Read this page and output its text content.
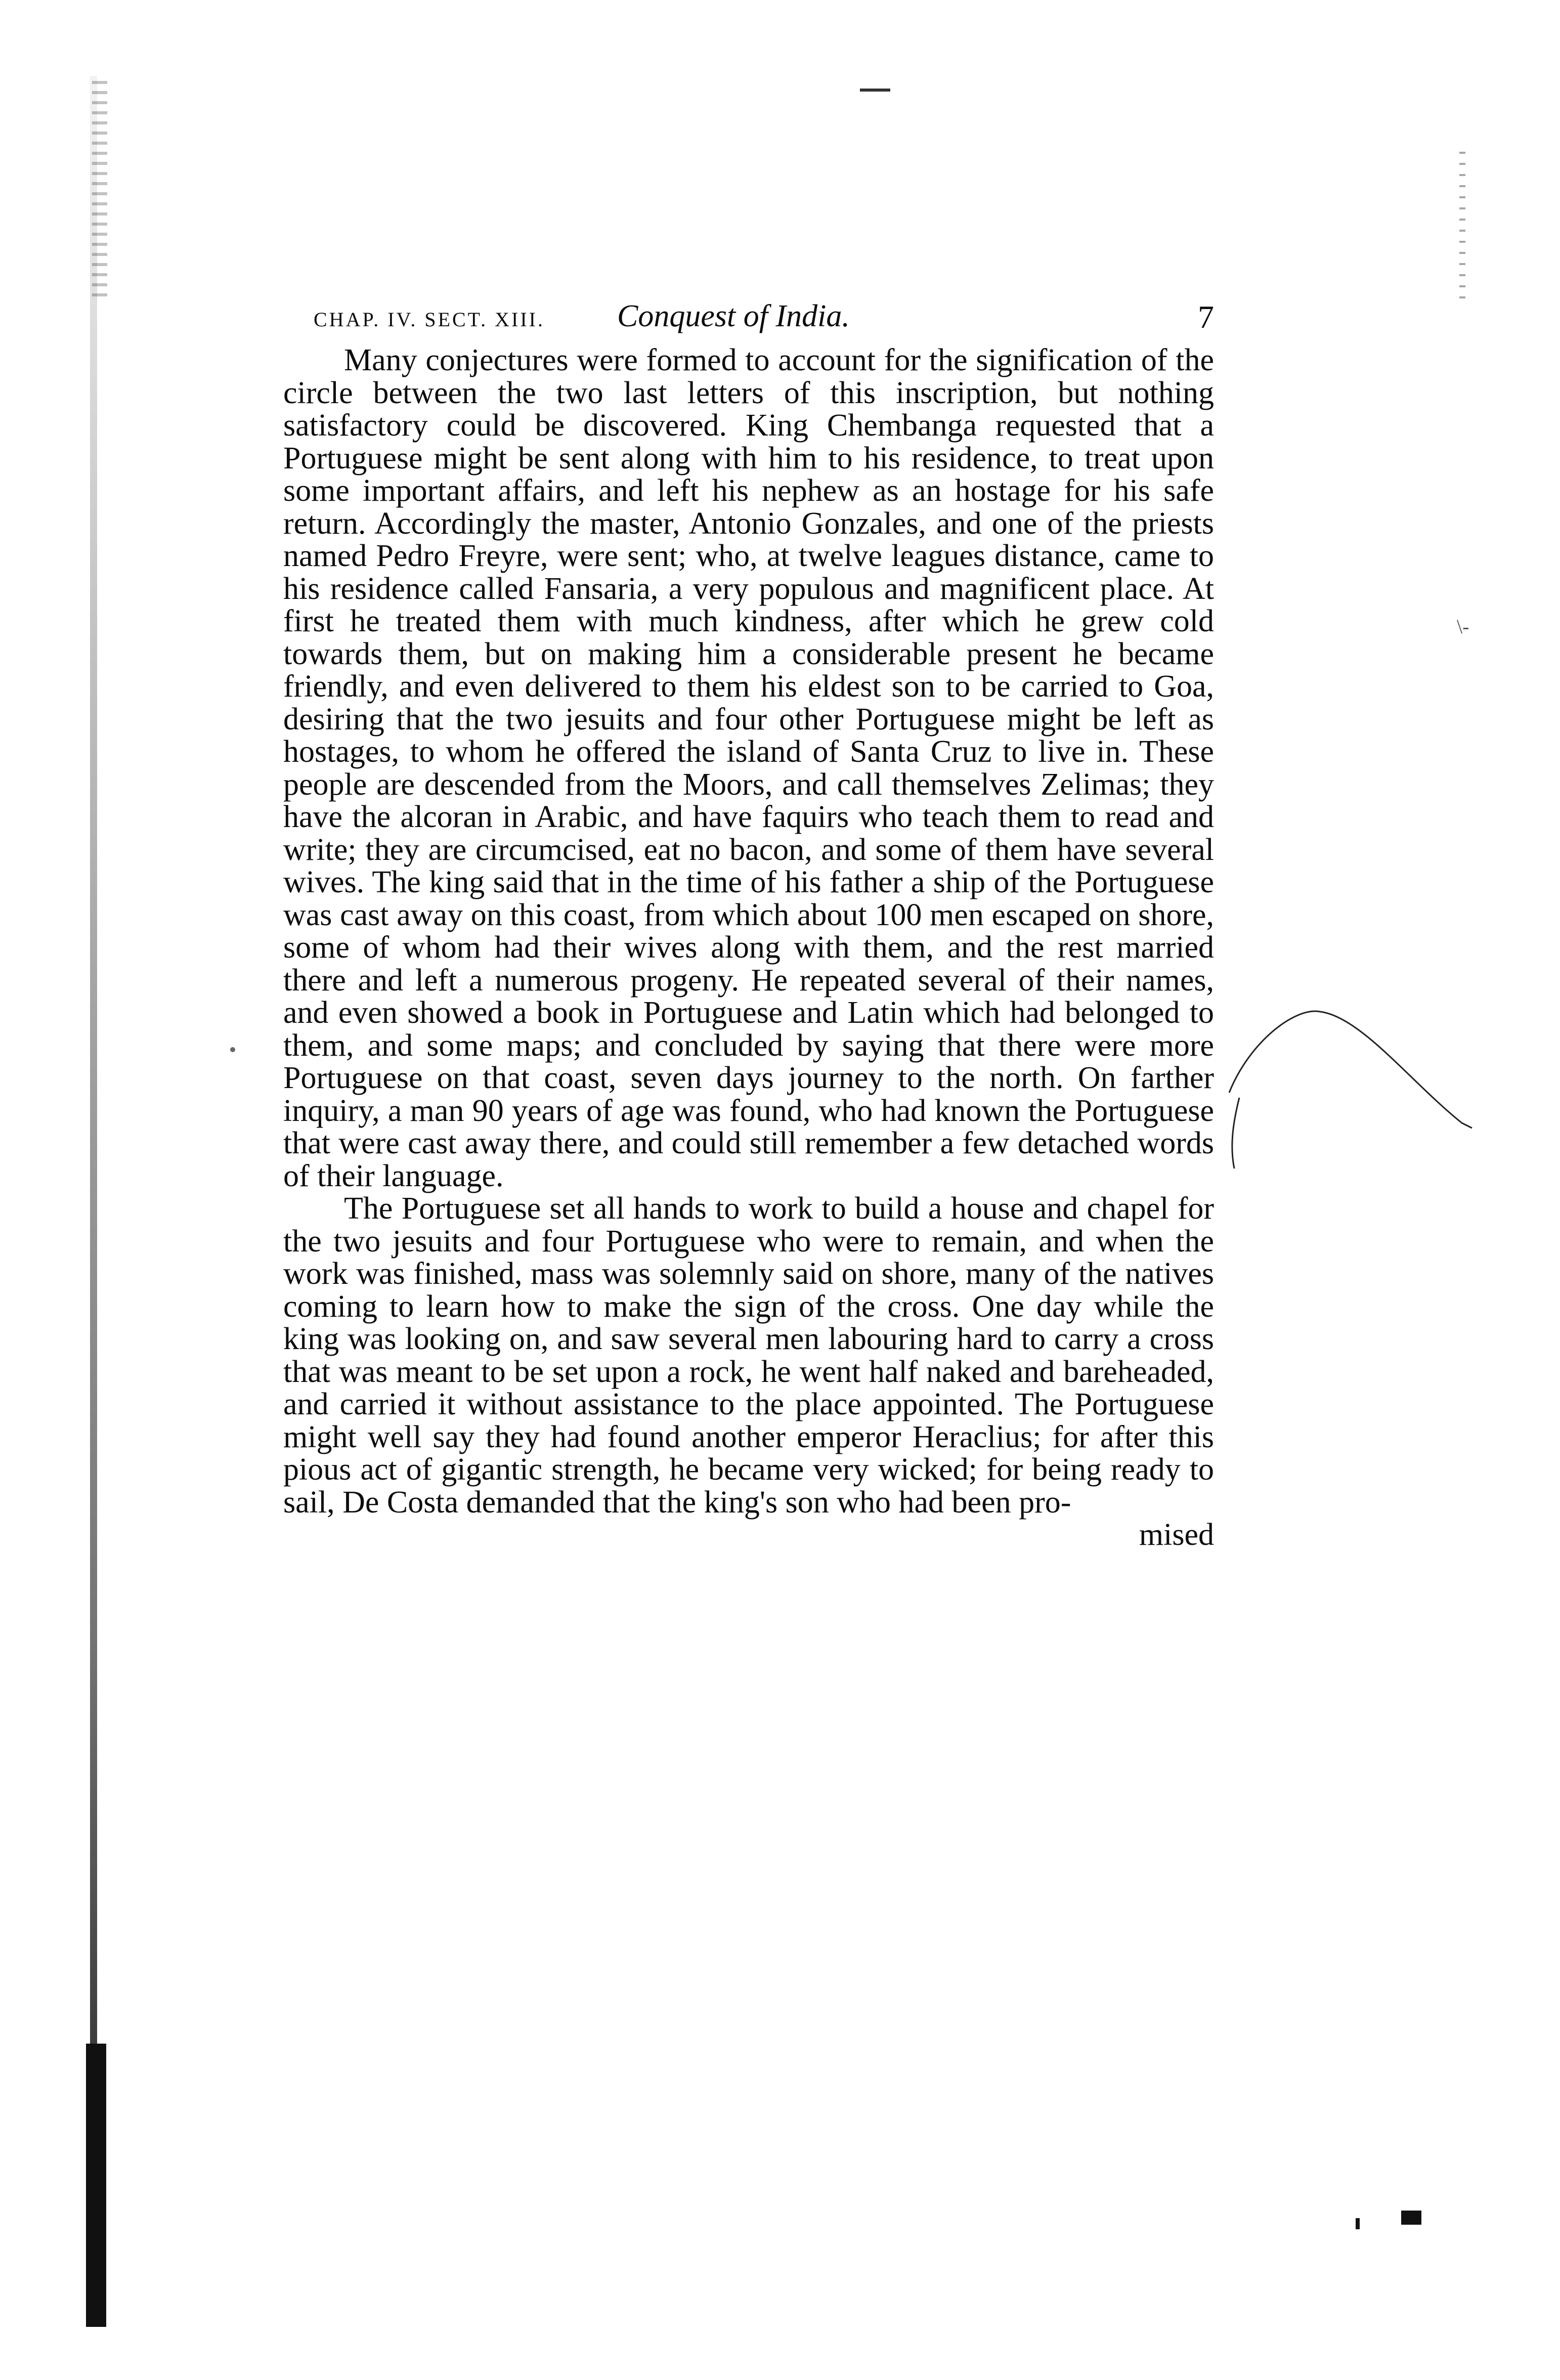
\-
CHAP. IV. SECT. XIII. Conquest of India.	7

Many conjectures were formed to account for the signification of the circle between the two last letters of this inscription, but nothing satisfactory could be discovered. King Chembanga requested that a Portuguese might be sent along with him to his residence, to treat upon some important affairs, and left his nephew as an hostage for his safe return. Accordingly the master, Antonio Gonzales, and one of the priests named Pedro Freyre, were sent; who, at twelve leagues distance, came to his residence called Fansaria, a very populous and magnificent place. At first he treated them with much kindness, after which he grew cold towards them, but on making him a considerable present he became friendly, and even delivered to them his eldest son to be carried to Goa, desiring that the two jesuits and four other Portuguese might be left as hostages, to whom he offered the island of Santa Cruz to live in. These people are descended from the Moors, and call themselves Zelimas; they have the alcoran in Arabic, and have faquirs who teach them to read and write; they are circumcised, eat no bacon, and some of them have several wives. The king said that in the time of his father a ship of the Portuguese was cast away on this coast, from which about 100 men escaped on shore, some of whom had their wives along with them, and the rest married there and left a numerous progeny. He repeated several of their names, and even showed a book in Portuguese and Latin which had belonged to them, and some maps; and concluded by saying that there were more Portuguese on that coast, seven days journey to the north. On farther inquiry, a man 90 years of age was found, who had known the Portuguese that were cast away there, and could still remember a few detached words of their language.

The Portuguese set all hands to work to build a house and chapel for the two jesuits and four Portuguese who were to remain, and when the work was finished, mass was solemnly said on shore, many of the natives coming to learn how to make the sign of the cross. One day while the king was looking on, and saw several men labouring hard to carry a cross that was meant to be set upon a rock, he went half naked and bareheaded, and carried it without assistance to the place appointed. The Portuguese might well say they had found another emperor Heraclius; for after this pious act of gigantic strength, he became very wicked; for being ready to sail, De Costa demanded that the king's son who had been pro-

mised
